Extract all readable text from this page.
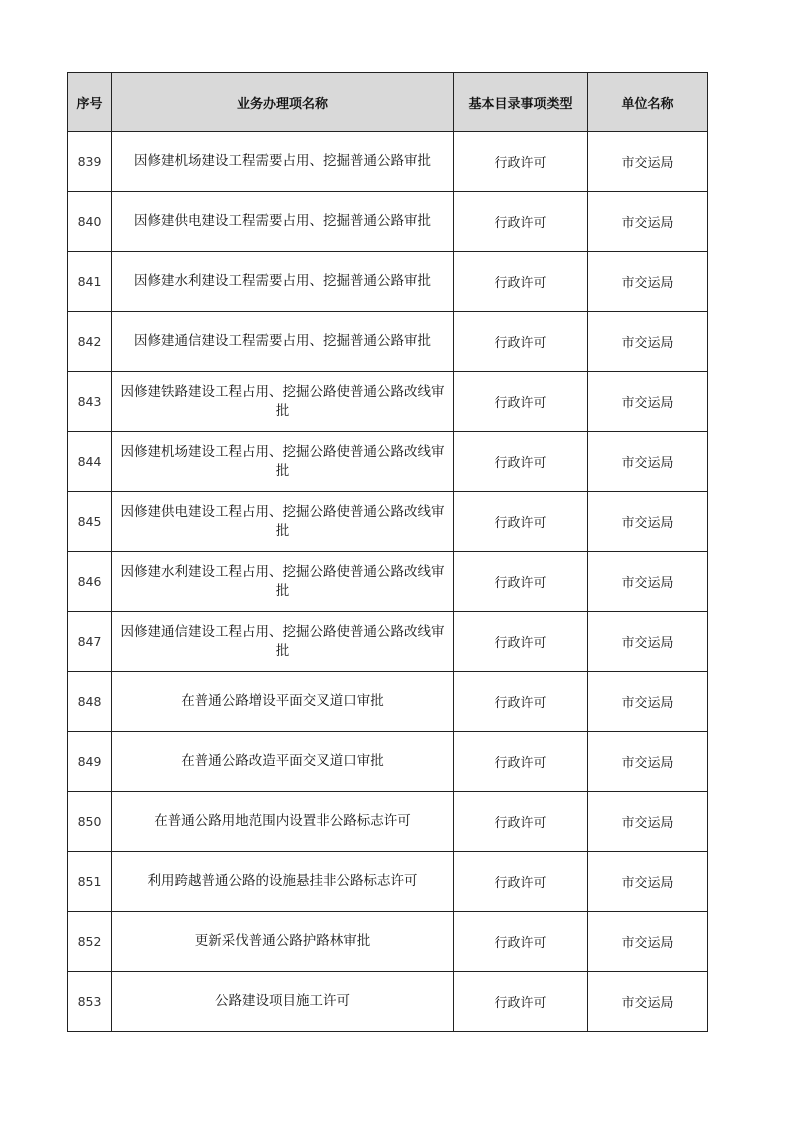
序号	业务办理项名称	基本目录事项类型	单位名称
839	因修建机场建设工程需要占用、挖掘普通公路审批	行政许可	市交运局
840	因修建供电建设工程需要占用、挖掘普通公路审批	行政许可	市交运局
841	因修建水利建设工程需要占用、挖掘普通公路审批	行政许可	市交运局
842	因修建通信建设工程需要占用、挖掘普通公路审批	行政许可	市交运局
843	因修建铁路建设工程占用、挖掘公路使普通公路改线审批	行政许可	市交运局
844	因修建机场建设工程占用、挖掘公路使普通公路改线审批	行政许可	市交运局
845	因修建供电建设工程占用、挖掘公路使普通公路改线审批	行政许可	市交运局
846	因修建水利建设工程占用、挖掘公路使普通公路改线审批	行政许可	市交运局
847	因修建通信建设工程占用、挖掘公路使普通公路改线审批	行政许可	市交运局
848	在普通公路增设平面交叉道口审批	行政许可	市交运局
849	在普通公路改造平面交叉道口审批	行政许可	市交运局
850	在普通公路用地范围内设置非公路标志许可	行政许可	市交运局
851	利用跨越普通公路的设施悬挂非公路标志许可	行政许可	市交运局
852	更新采伐普通公路护路林审批	行政许可	市交运局
853	公路建设项目施工许可	行政许可	市交运局
